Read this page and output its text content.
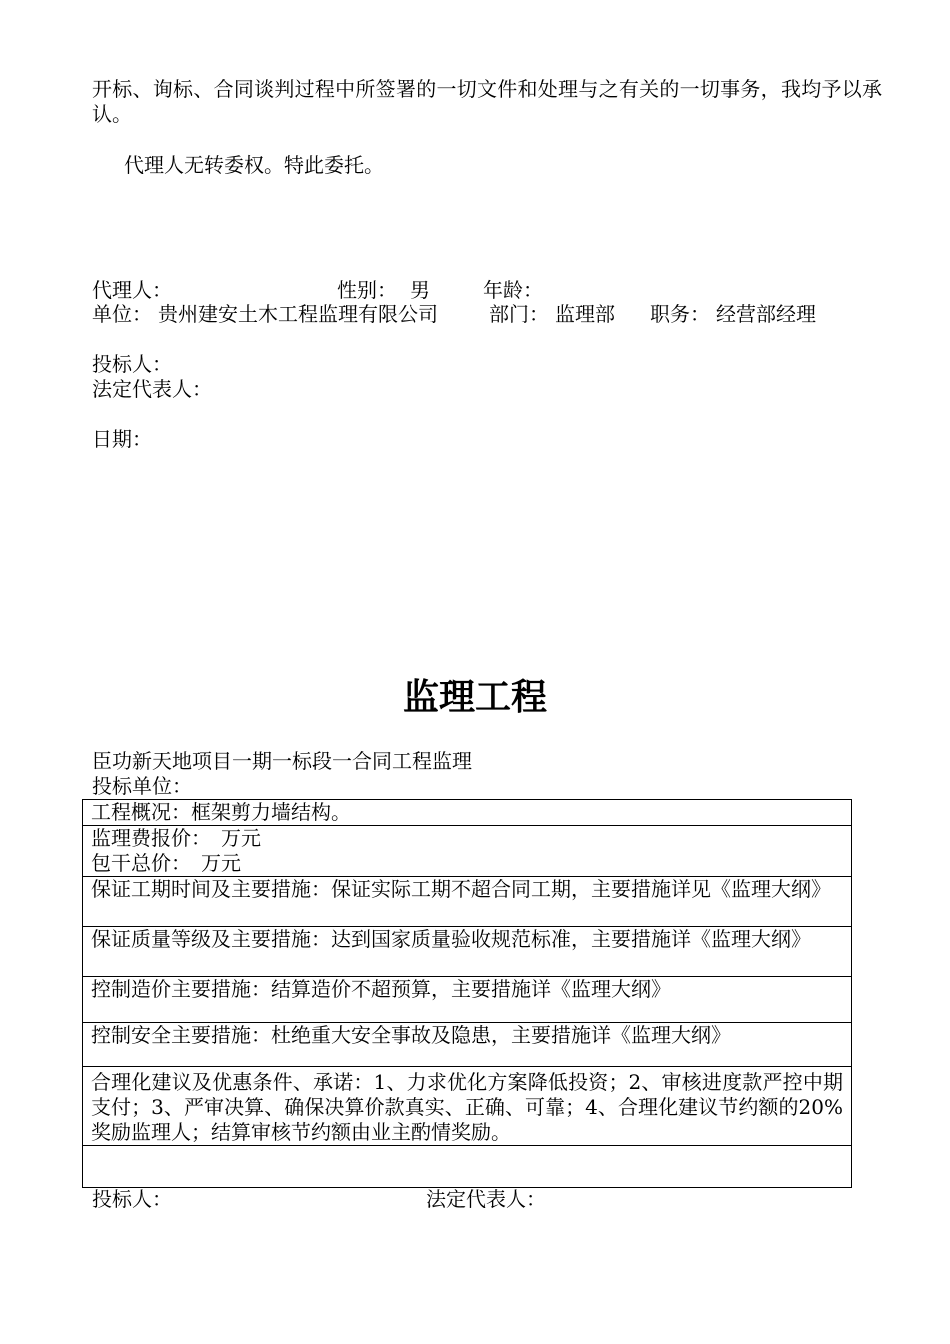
开标、询标、合同谈判过程中所签署的一切文件和处理与之有关的一切事务，我均予以承认。
代理人无转委权。特此委托。
代理人：	性别： 男	年龄：
单位： 贵州建安土木工程监理有限公司	部门： 监理部 职务： 经营部经理
投标人：
法定代表人：
日期：
监理工程
臣功新天地项目一期一标段一合同工程监理
投标单位：
工程概况：框架剪力墙结构。

监理费报价：　万元
包干总价：　万元

保证工期时间及主要措施：保证实际工期不超合同工期，主要措施详见《监理大纲》
保证质量等级及主要措施：达到国家质量验收规范标准，主要措施详《监理大纲》
控制造价主要措施：结算造价不超预算，主要措施详《监理大纲》
控制安全主要措施：杜绝重大安全事故及隐患，主要措施详《监理大纲》
合理化建议及优惠条件、承诺：1、力求优化方案降低投资；2、审核进度款严控中期支付；3、严审决算、确保决算价款真实、正确、可靠；4、合理化建议节约额的20%奖励监理人；结算审核节约额由业主酌情奖励。

投标人：	法定代表人：
